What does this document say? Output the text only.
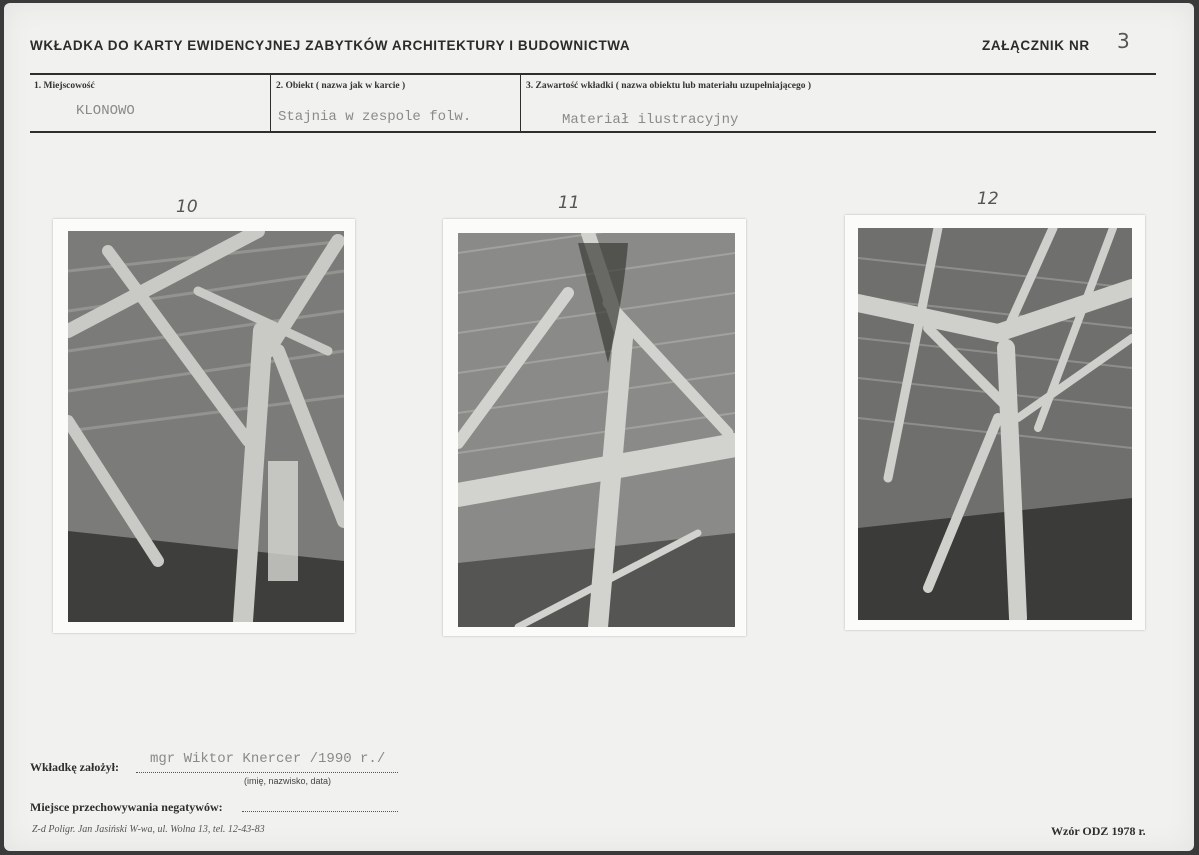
WKŁADKA DO KARTY EWIDENCYJNEJ ZABYTKÓW ARCHITEKTURY I BUDOWNICTWA	ZAŁĄCZNIK NR 3
1. Miejscowość
KLONOWO
2. Obiekt ( nazwa jak w karcie )
Stajnia w zespole folw.
3. Zawartość wkładki ( nazwa obiektu lub materiału uzupełniającego )
Materiał ilustracyjny
10	11	12
Wkładkę założył: mgr Wiktor Knercer /1990 r./
(imię, nazwisko, data)
Miejsce przechowywania negatywów:
Z-d Poligr. Jan Jasiński W-wa, ul. Wolna 13, tel. 12-43-83	Wzór ODZ 1978 r.
